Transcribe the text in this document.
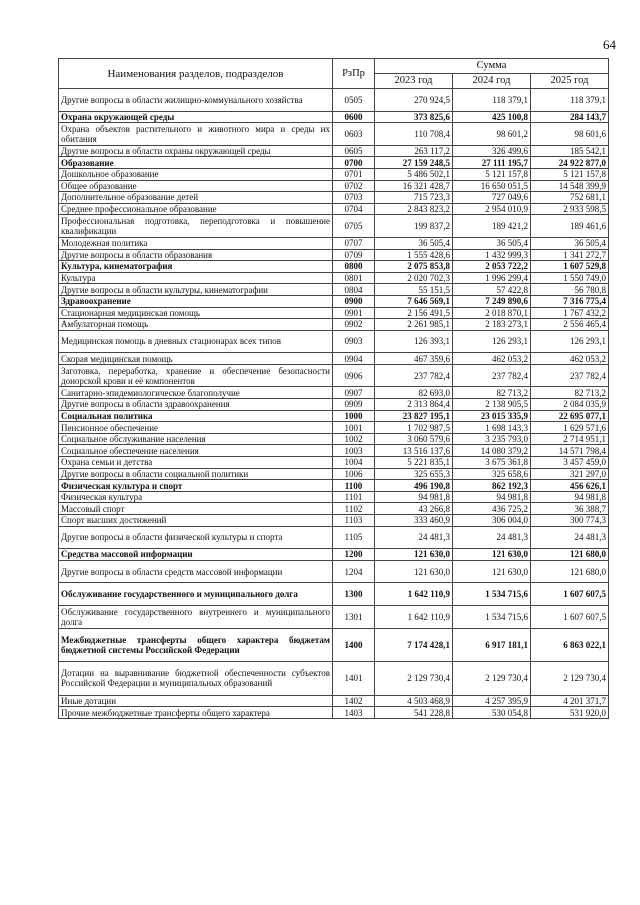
64
Наименования разделов, подразделов	РзПр	Сумма		
		2023 год	2024 год	2025 год
Другие вопросы в области жилищно-коммунального хозяйства	0505	270 924,5	118 379,1	118 379,1
Охрана окружающей среды	0600	373 825,6	425 100,8	284 143,7
Охрана объектов растительного и животного мира и среды их обитания	0603	110 708,4	98 601,2	98 601,6
Другие вопросы в области охраны окружающей среды	0605	263 117,2	326 499,6	185 542,1
Образование	0700	27 159 248,5	27 111 195,7	24 922 877,0
Дошкольное образование	0701	5 486 502,1	5 121 157,8	5 121 157,8
Общее образование	0702	16 321 428,7	16 650 051,5	14 548 399,9
Дополнительное образование детей	0703	715 723,3	727 049,6	752 681,1
Среднее профессиональное образование	0704	2 843 823,2	2 954 010,9	2 933 598,5
Профессиональная подготовка, переподготовка и повышение квалификации	0705	199 837,2	189 421,2	189 461,6
Молодежная политика	0707	36 505,4	36 505,4	36 505,4
Другие вопросы в области образования	0709	1 555 428,6	1 432 999,3	1 341 272,7
Культура, кинематография	0800	2 075 853,8	2 053 722,2	1 607 529,8
Культура	0801	2 020 702,3	1 996 299,4	1 550 749,0
Другие вопросы в области культуры, кинематографии	0804	55 151,5	57 422,8	56 780,8
Здравоохранение	0900	7 646 569,1	7 249 890,6	7 316 775,4
Стационарная медицинская помощь	0901	2 156 491,5	2 018 870,1	1 767 432,2
Амбулаторная помощь	0902	2 261 985,1	2 183 273,1	2 556 465,4
Медицинская помощь в дневных стационарах всех типов	0903	126 393,1	126 293,1	126 293,1
Скорая медицинская помощь	0904	467 359,6	462 053,2	462 053,2
Заготовка, переработка, хранение и обеспечение безопасности донорской крови и её компонентов	0906	237 782,4	237 782,4	237 782,4
Санитарно-эпидемиологическое благополучие	0907	82 693,0	82 713,2	82 713,2
Другие вопросы в области здравоохранения	0909	2 313 864,4	2 138 905,5	2 084 035,9
Социальная политика	1000	23 827 195,1	23 015 335,9	22 695 077,1
Пенсионное обеспечение	1001	1 702 987,5	1 698 143,3	1 629 571,6
Социальное обслуживание населения	1002	3 060 579,6	3 235 793,0	2 714 951,1
Социальное обеспечение населения	1003	13 516 137,6	14 080 379,2	14 571 798,4
Охрана семьи и детства	1004	5 221 835,1	3 675 361,8	3 457 459,0
Другие вопросы в области социальной политики	1006	325 655,3	325 658,6	321 297,0
Физическая культура и спорт	1100	496 190,8	862 192,3	456 626,1
Физическая культура	1101	94 981,8	94 981,8	94 981,8
Массовый спорт	1102	43 266,8	436 725,2	36 388,7
Спорт высших достижений	1103	333 460,9	306 004,0	300 774,3
Другие вопросы в области физической культуры и спорта	1105	24 481,3	24 481,3	24 481,3
Средства массовой информации	1200	121 630,0	121 630,0	121 680,0
Другие вопросы в области средств массовой информации	1204	121 630,0	121 630,0	121 680,0
Обслуживание государственного и муниципального долга	1300	1 642 110,9	1 534 715,6	1 607 607,5
Обслуживание государственного внутреннего и муниципального долга	1301	1 642 110,9	1 534 715,6	1 607 607,5
Межбюджетные трансферты общего характера бюджетам бюджетной системы Российской Федерации	1400	7 174 428,1	6 917 181,1	6 863 022,1
Дотации на выравнивание бюджетной обеспеченности субъектов Российской Федерации и муниципальных образований	1401	2 129 730,4	2 129 730,4	2 129 730,4
Иные дотации	1402	4 503 468,9	4 257 395,9	4 201 371,7
Прочие межбюджетные трансферты общего характера	1403	541 228,8	530 054,8	531 920,0
